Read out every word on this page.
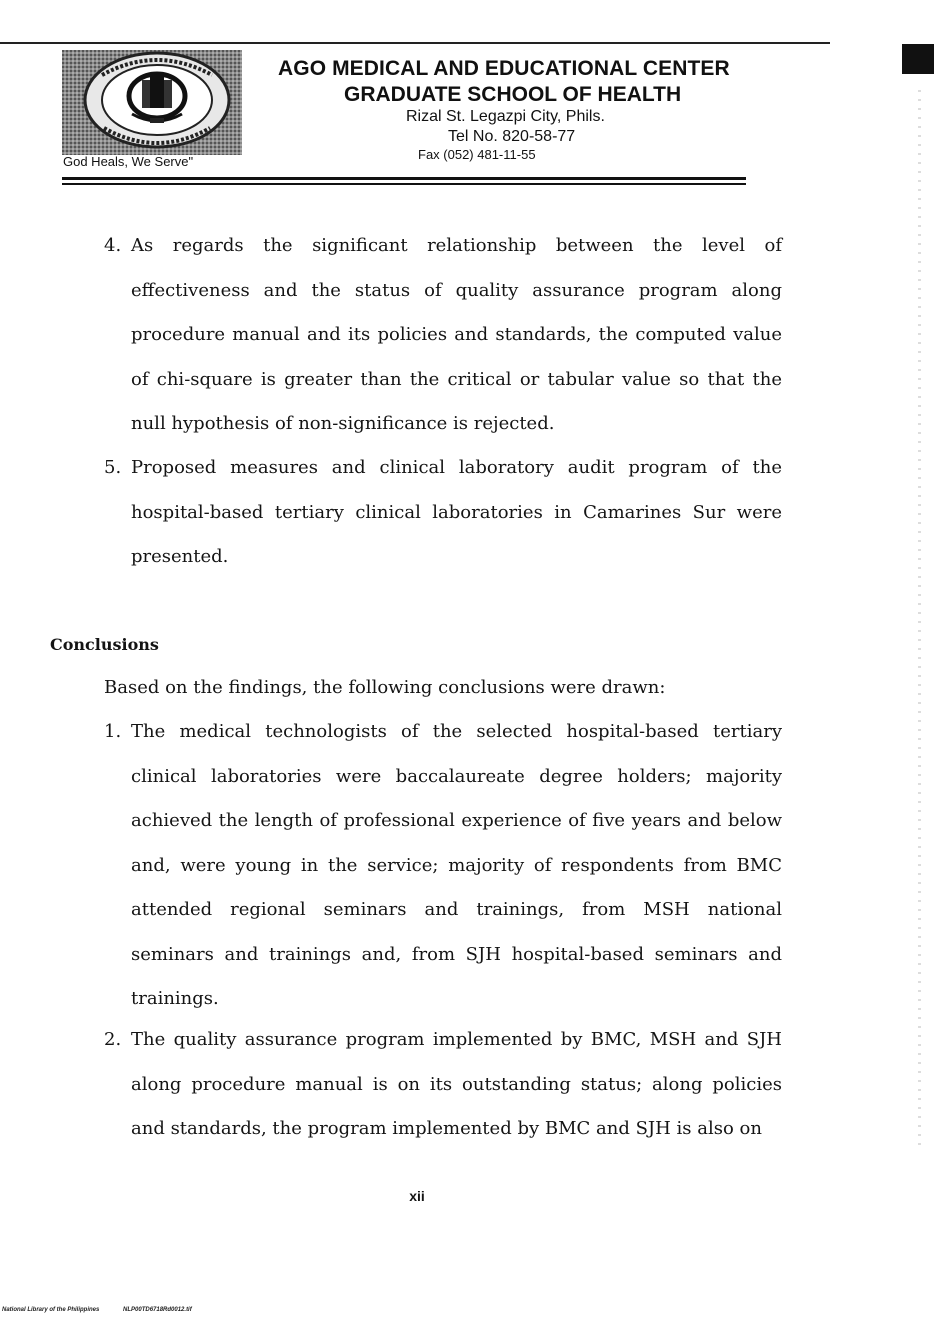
God Heals, We Serve"
AGO MEDICAL AND EDUCATIONAL CENTER
GRADUATE SCHOOL OF HEALTH
Rizal St. Legazpi City, Phils.
Tel No. 820-58-77
Fax (052) 481-11-55
4. As regards the significant relationship between the level of effectiveness and the status of quality assurance program along procedure manual and its policies and standards, the computed value of chi-square is greater than the critical or tabular value so that the null hypothesis of non-significance is rejected.
5. Proposed measures and clinical laboratory audit program of the hospital-based tertiary clinical laboratories in Camarines Sur were presented.
Conclusions
Based on the findings, the following conclusions were drawn:
1. The medical technologists of the selected hospital-based tertiary clinical laboratories were baccalaureate degree holders; majority achieved the length of professional experience of five years and below and, were young in the service; majority of respondents from BMC attended regional seminars and trainings, from MSH national seminars and trainings and, from SJH hospital-based seminars and trainings.
2. The quality assurance program implemented by BMC, MSH and SJH along procedure manual is on its outstanding status; along policies and standards, the program implemented by BMC and SJH is also on
xii
National Library of the Philippines	NLP00TD6718Rd0012.tif
